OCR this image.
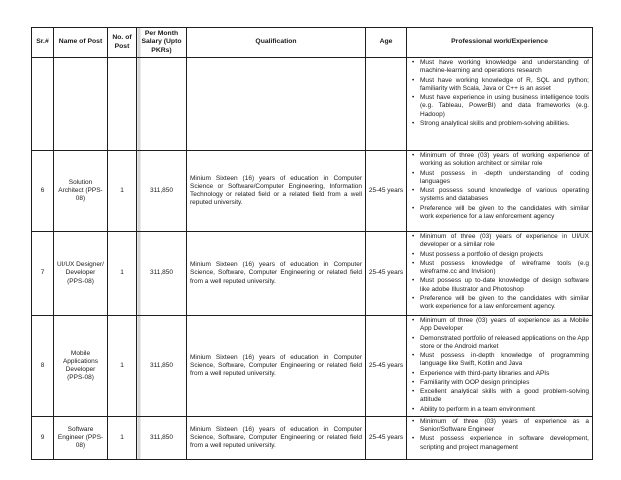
Sr.#	Name of Post	No. of Post	Per Month Salary (Upto PKRs)	Qualification	Age	Professional work/Experience

• Must have working knowledge and understanding of machine-learning and operations research
• Must have working knowledge of R, SQL and python; familiarity with Scala, Java or C++ is an asset
• Must have experience in using business intelligence tools (e.g. Tableau, PowerBI) and data frameworks (e.g. Hadoop)
• Strong analytical skills and problem-solving abilities.

6	Solution Architect (PPS-08)	1	311,850	Minium Sixteen (16) years of education in Computer Science or Software/Computer Engineering, Information Technology or related field or a related field from a well reputed university.	25-45 years	
• Minimum of three (03) years of working experience of working as solution architect or similar role
• Must possess in -depth understanding of coding languages
• Must possess sound knowledge of various operating systems and databases
• Preference will be given to the candidates with similar work experience for a law enforcement agency

7	UI/UX Designer/ Developer (PPS-08)	1	311,850	Minium Sixteen (16) years of education in Computer Science, Software, Computer Engineering or related field from a well reputed university.	25-45 years	
• Minimum of three (03) years of experience in UI/UX developer or a similar role
• Must possess a portfolio of design projects
• Must possess knowledge of wireframe tools (e.g wireframe.cc and Invision)
• Must possess up to-date knowledge of design software like adobe Illustrator and Photoshop
• Preference will be given to the candidates with similar work experience for a law enforcement agency.

8	Mobile Applications Developer (PPS-08)	1	311,850	Minium Sixteen (16) years of education in Computer Science, Software, Computer Engineering or related field from a well reputed university.	25-45 years	
• Minimum of three (03) years of experience as a Mobile App Developer
• Demonstrated portfolio of released applications on the App store or the Android market
• Must possess in-depth knowledge of programming language like Swift, Kotlin and Java
• Experience with third-party libraries and APIs
• Familiarity with OOP design principles
• Excellent analytical skills with a good problem-solving attitude
• Ability to perform in a team environment

9	Software Engineer (PPS-08)	1	311,850	Minium Sixteen (16) years of education in Computer Science, Software, Computer Engineering or related field from a well reputed university.	25-45 years	• Minimum of three (03) years of experience as a Senior/Software Engineer
• Must possess experience in software development, scripting and project management
